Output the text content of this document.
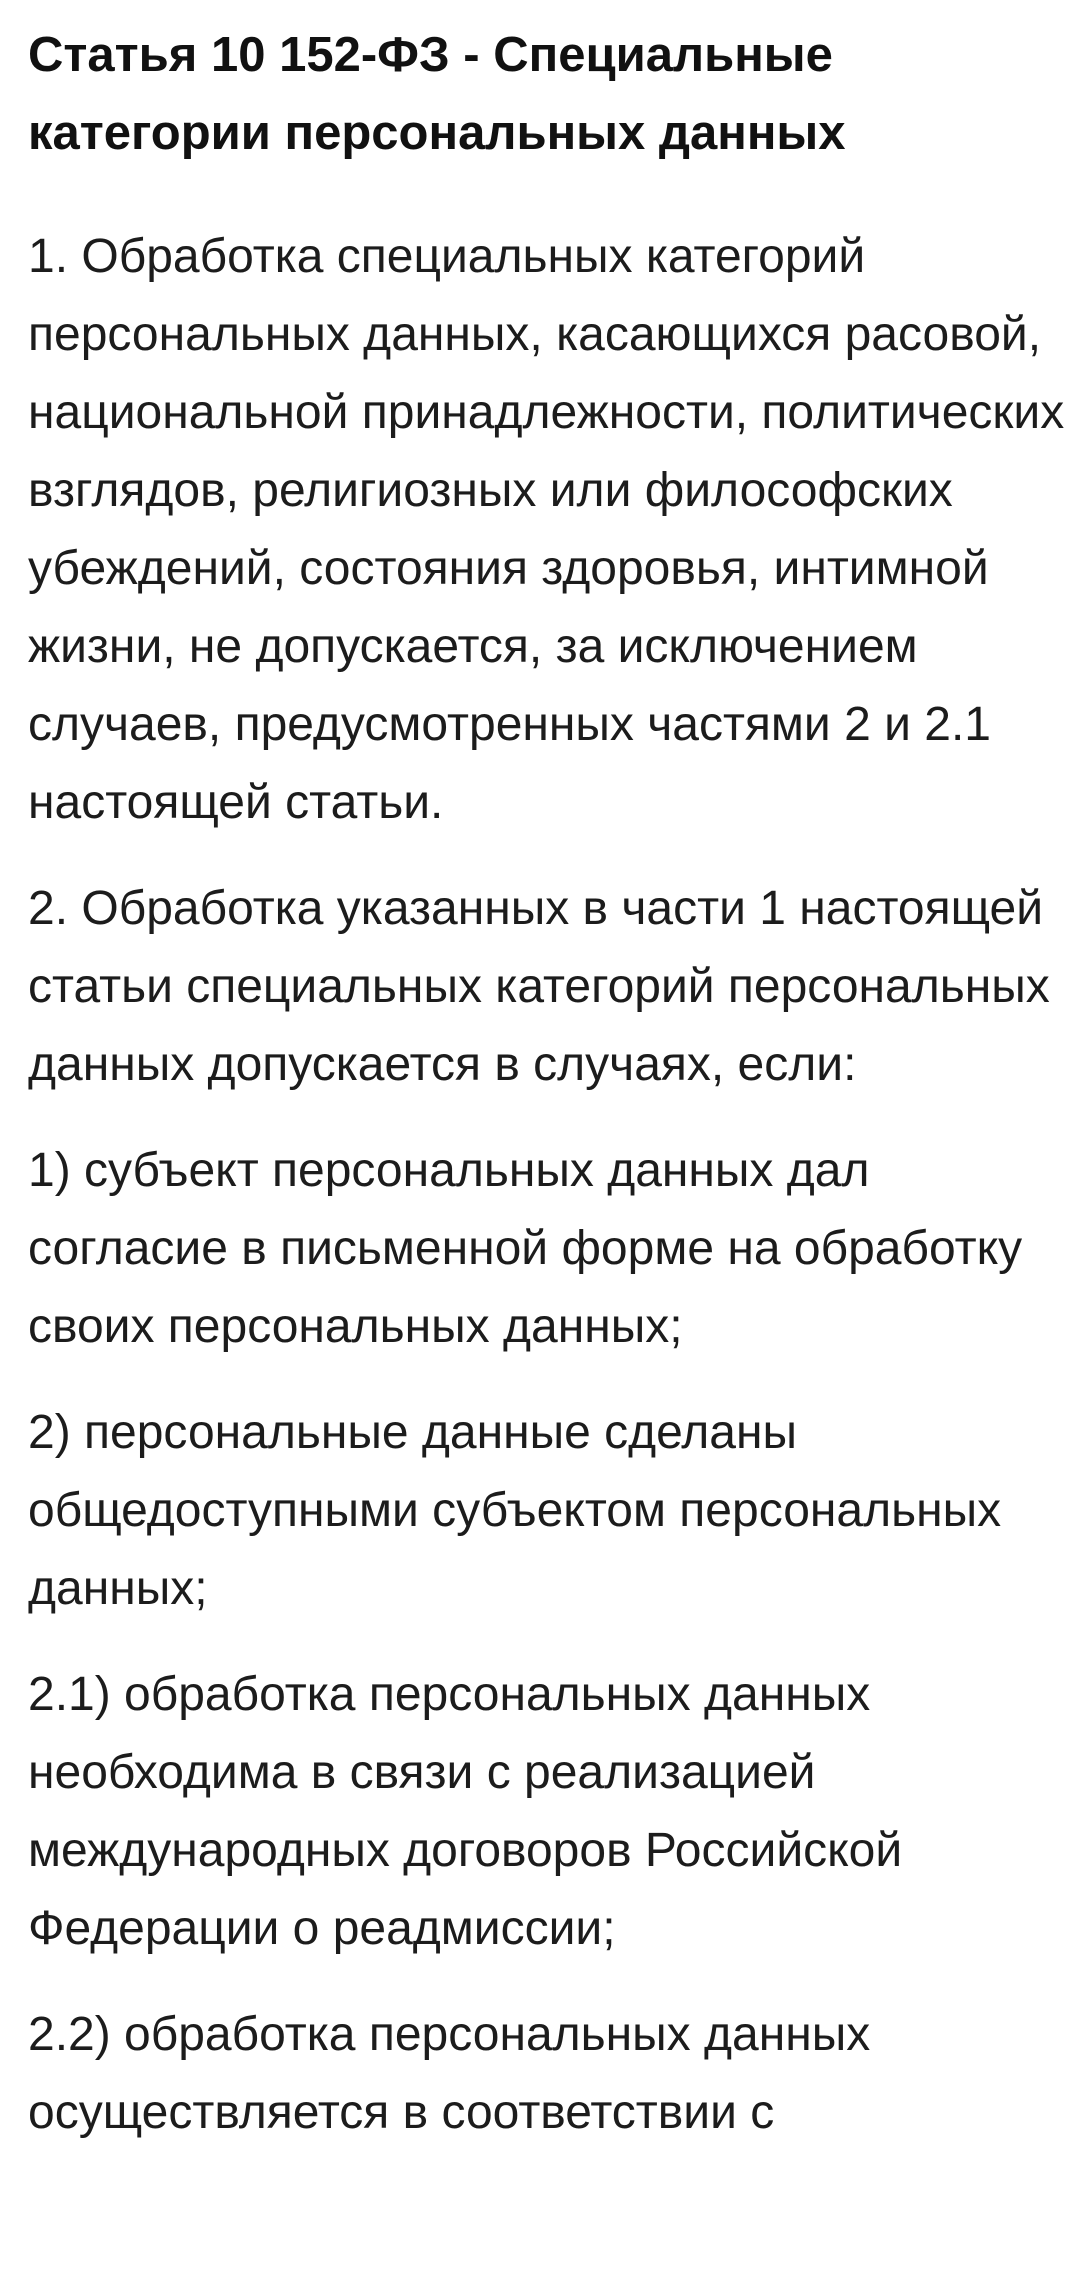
Статья 10 152-ФЗ - Специальные категории персональных данных

1. Обработка специальных категорий персональных данных, касающихся расовой, национальной принадлежности, политических взглядов, религиозных или философских убеждений, состояния здоровья, интимной жизни, не допускается, за исключением случаев, предусмотренных частями 2 и 2.1 настоящей статьи.

2. Обработка указанных в части 1 настоящей статьи специальных категорий персональных данных допускается в случаях, если:

1) субъект персональных данных дал согласие в письменной форме на обработку своих персональных данных;

2) персональные данные сделаны общедоступными субъектом персональных данных;

2.1) обработка персональных данных необходима в связи с реализацией международных договоров Российской Федерации о реадмиссии;

2.2) обработка персональных данных осуществляется в соответствии с
